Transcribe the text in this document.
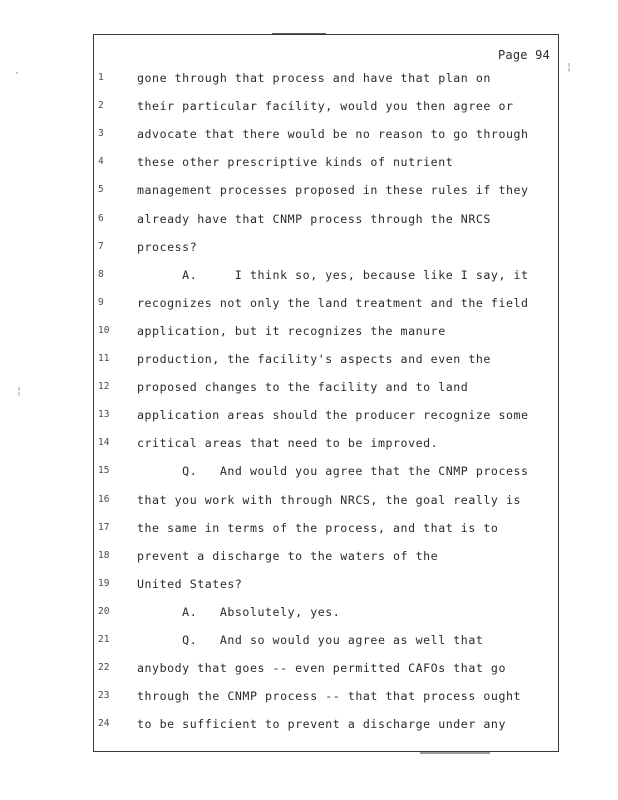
·
¦
¦
Page 94
1	gone through that process and have that plan on
2	their particular facility, would you then agree or
3	advocate that there would be no reason to go through
4	these other prescriptive kinds of nutrient
5	management processes proposed in these rules if they
6	already have that CNMP process through the NRCS
7	process?
8	A.     I think so, yes, because like I say, it
9	recognizes not only the land treatment and the field
10	application, but it recognizes the manure
11	production, the facility's aspects and even the
12	proposed changes to the facility and to land
13	application areas should the producer recognize some
14	critical areas that need to be improved.
15	Q.   And would you agree that the CNMP process
16	that you work with through NRCS, the goal really is
17	the same in terms of the process, and that is to
18	prevent a discharge to the waters of the
19	United States?
20	A.   Absolutely, yes.
21	Q.   And so would you agree as well that
22	anybody that goes -- even permitted CAFOs that go
23	through the CNMP process -- that that process ought
24	to be sufficient to prevent a discharge under any
